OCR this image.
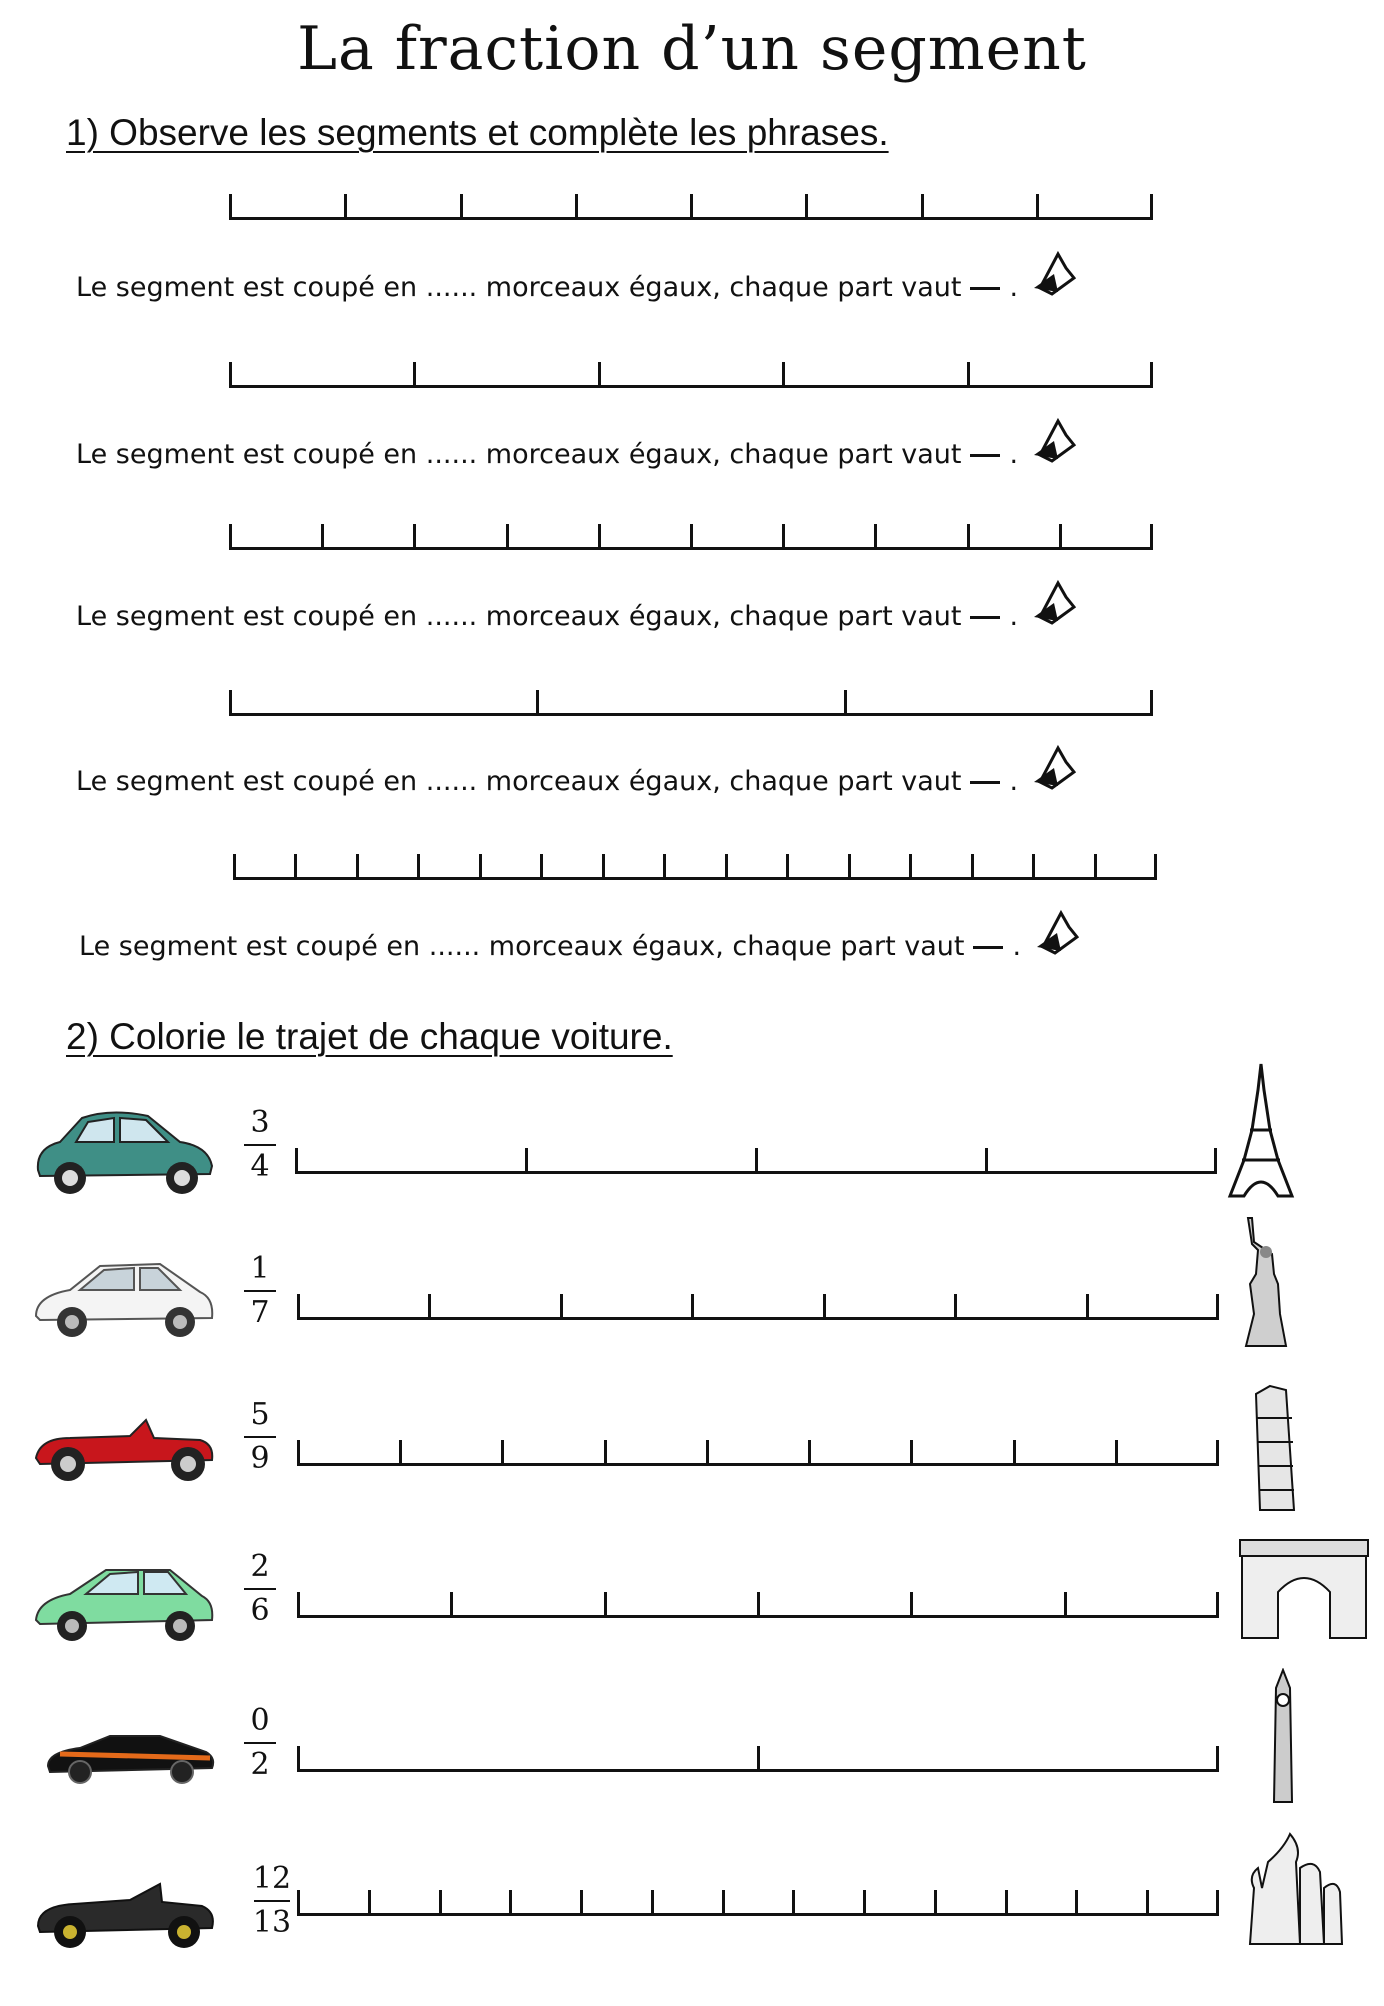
La fraction d’un segment
1) Observe les segments et complète les phrases.
Le segment est coupé en ...... morceaux égaux, chaque part vaut .
Le segment est coupé en ...... morceaux égaux, chaque part vaut .
Le segment est coupé en ...... morceaux égaux, chaque part vaut .
Le segment est coupé en ...... morceaux égaux, chaque part vaut .
Le segment est coupé en ...... morceaux égaux, chaque part vaut .
2) Colorie le trajet de chaque voiture.
3
4
1
7
5
9
2
6
0
2
12
13
